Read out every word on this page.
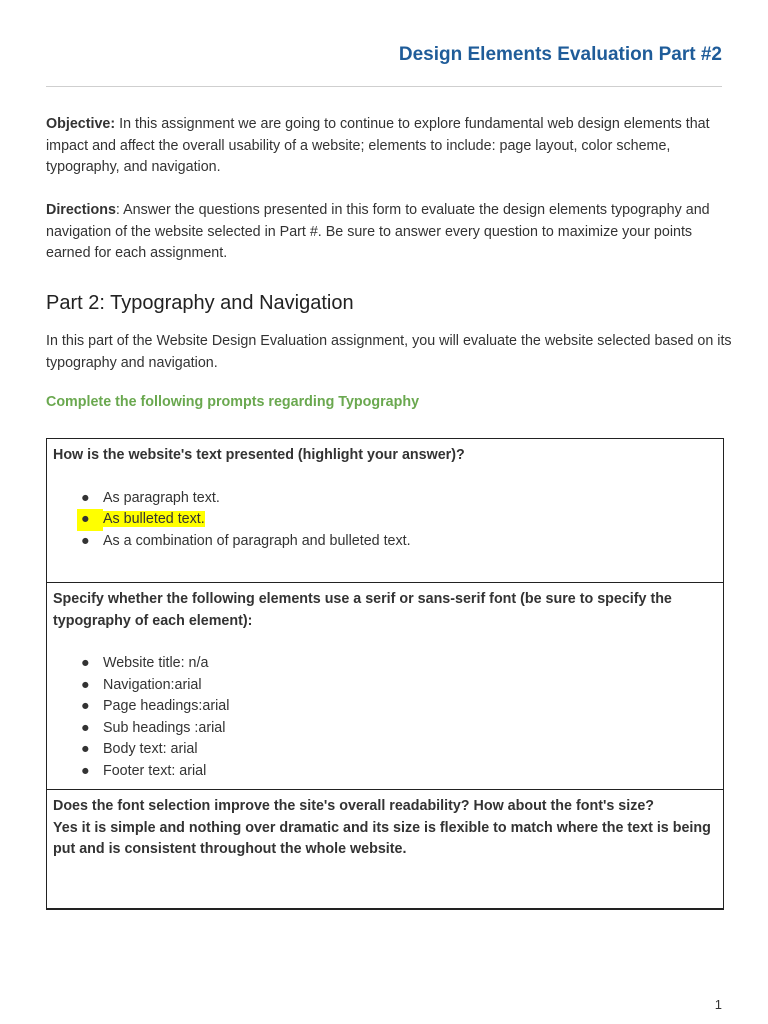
Design Elements Evaluation Part #2

Objective: In this assignment we are going to continue to explore fundamental web design elements that impact and affect the overall usability of a website; elements to include: page layout, color scheme, typography, and navigation.

Directions: Answer the questions presented in this form to evaluate the design elements typography and navigation of the website selected in Part #. Be sure to answer every question to maximize your points earned for each assignment.

Part 2: Typography and Navigation

In this part of the Website Design Evaluation assignment, you will evaluate the website selected based on its typography and navigation.

Complete the following prompts regarding Typography

How is the website's text presented (highlight your answer)?

● As paragraph text.
● As bulleted text.
● As a combination of paragraph and bulleted text.

Specify whether the following elements use a serif or sans-serif font (be sure to specify the typography of each element):

● Website title: n/a
● Navigation:arial
● Page headings:arial
● Sub headings :arial
● Body text: arial
● Footer text: arial

Does the font selection improve the site's overall readability? How about the font's size?
Yes it is simple and nothing over dramatic and its size is flexible to match where the text is being put and is consistent throughout the whole website.

1
